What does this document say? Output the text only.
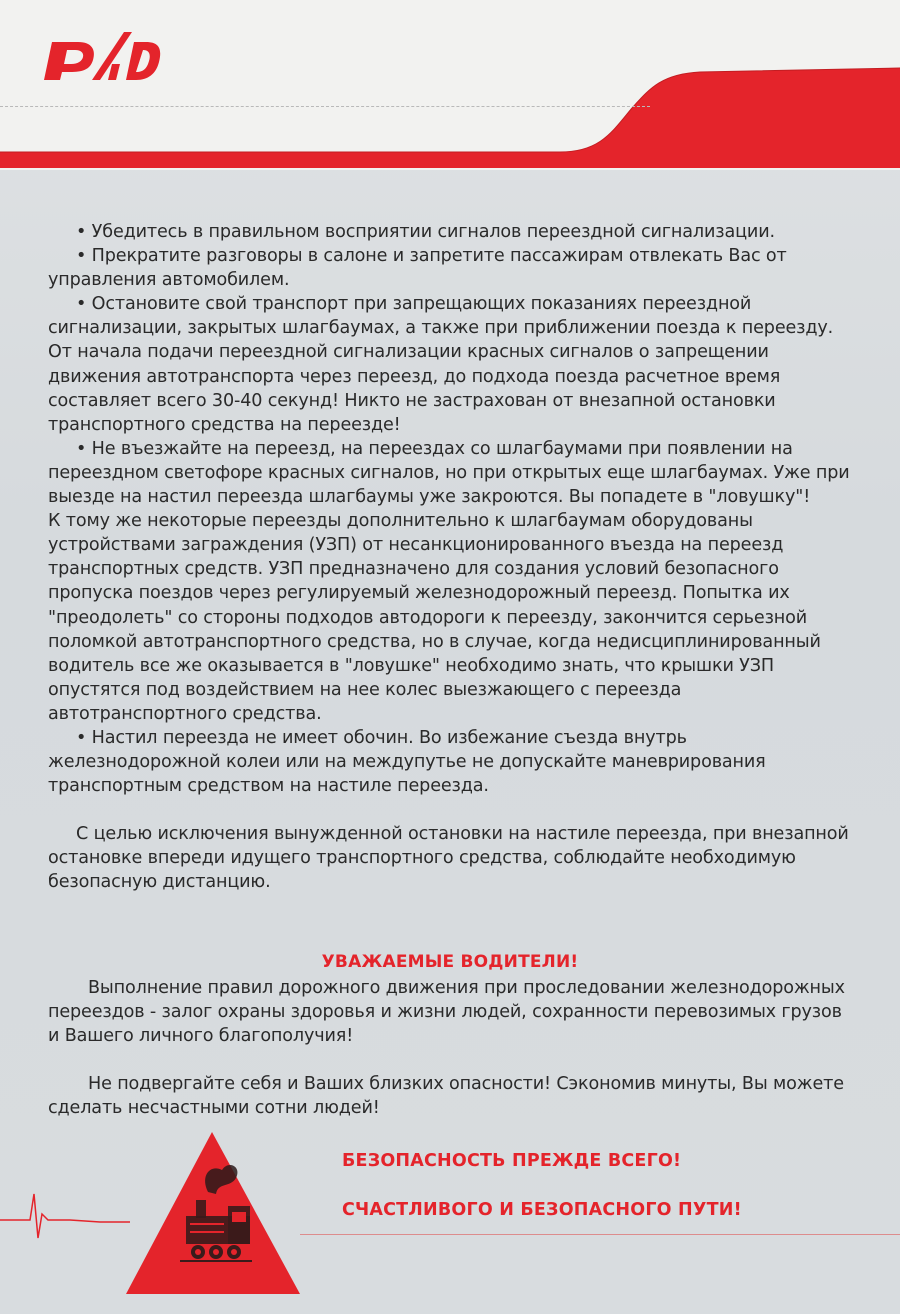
• Убедитесь в правильном восприятии сигналов переездной сигнализации.

• Прекратите разговоры в салоне и запретите пассажирам отвлекать Вас от управления автомобилем.

• Остановите свой транспорт при запрещающих показаниях переездной сигнализации, закрытых шлагбаумах, а также при приближении поезда к переезду. От начала подачи переездной сигнализации красных сигналов о запрещении движения автотранспорта через переезд, до подхода поезда расчетное время составляет всего 30-40 секунд! Никто не застрахован от внезапной остановки транспортного средства на переезде!

• Не въезжайте на переезд, на переездах со шлагбаумами при появлении на переездном светофоре красных сигналов, но при открытых еще шлагбаумах. Уже при выезде на настил переезда шлагбаумы уже закроются. Вы попадете в "ловушку"!

К тому же некоторые переезды дополнительно к шлагбаумам оборудованы устройствами заграждения (УЗП) от несанкционированного въезда на переезд транспортных средств. УЗП предназначено для создания условий безопасного пропуска поездов через регулируемый железнодорожный переезд. Попытка их "преодолеть" со стороны подходов автодороги к переезду, закончится серьезной поломкой автотранспортного средства, но в случае, когда недисциплинированный водитель все же оказывается в "ловушке" необходимо знать, что крышки УЗП опустятся под воздействием на нее колес выезжающего с переезда автотранспортного средства.

• Настил переезда не имеет обочин. Во избежание съезда внутрь железнодорожной колеи или на междупутье не допускайте маневрирования транспортным средством на настиле переезда.

С целью исключения вынужденной остановки на настиле переезда, при внезапной остановке впереди идущего транспортного средства, соблюдайте необходимую безопасную дистанцию.

УВАЖАЕМЫЕ ВОДИТЕЛИ!

Выполнение правил дорожного движения при проследовании железнодорожных переездов - залог охраны здоровья и жизни людей, сохранности перевозимых грузов и Вашего личного благополучия!

Не подвергайте себя и Ваших близких опасности! Сэкономив минуты, Вы можете сделать несчастными сотни людей!

БЕЗОПАСНОСТЬ ПРЕЖДЕ ВСЕГО!
СЧАСТЛИВОГО И БЕЗОПАСНОГО ПУТИ!
